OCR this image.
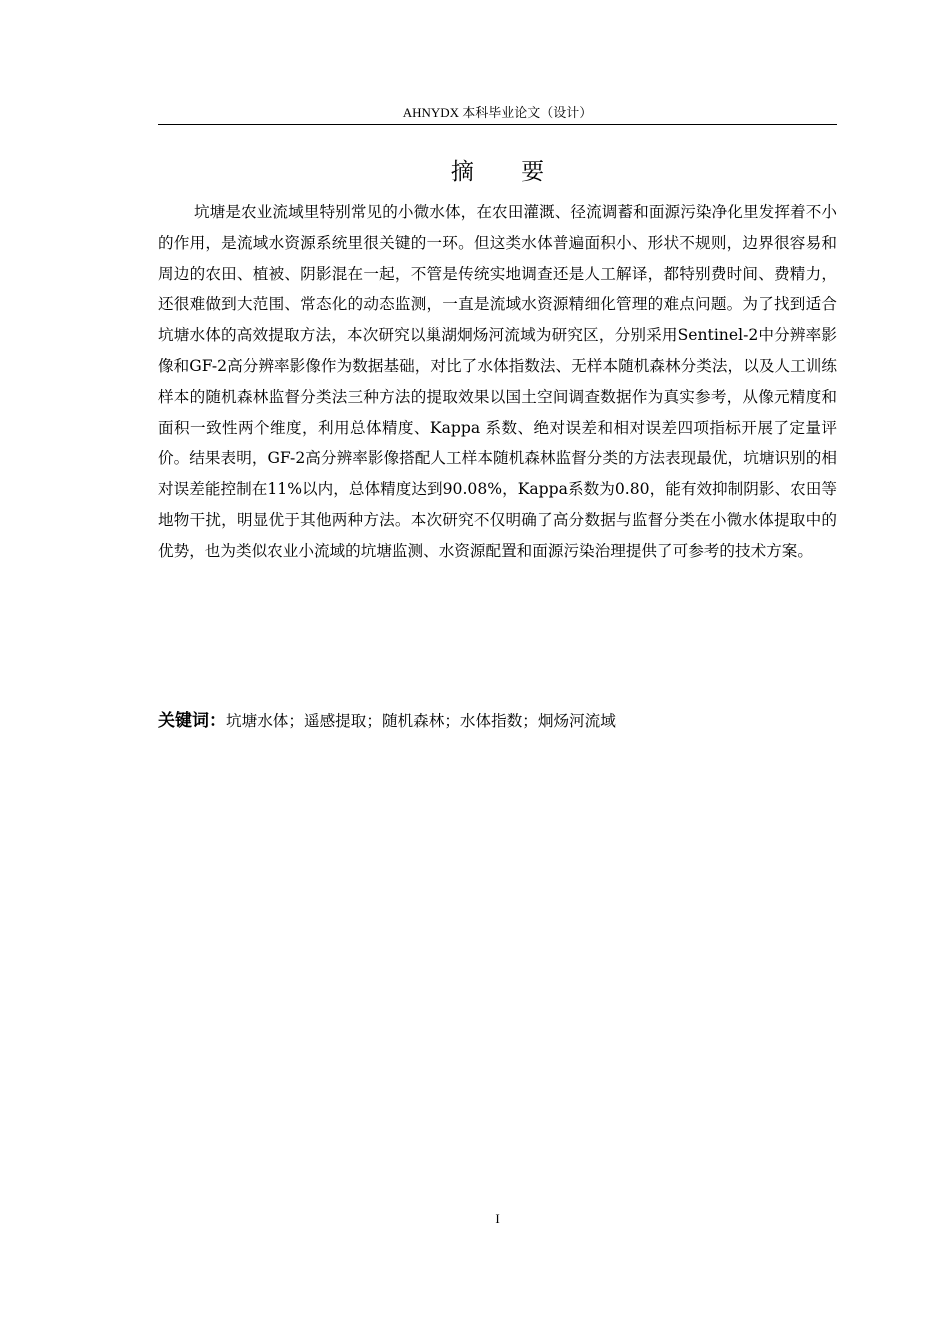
AHNYDX 本科毕业论文（设计）
摘 要

坑塘是农业流域里特别常见的小微水体，在农田灌溉、径流调蓄和面源污染净化里发挥着不小的作用，是流域水资源系统里很关键的一环。但这类水体普遍面积小、形状不规则，边界很容易和周边的农田、植被、阴影混在一起，不管是传统实地调查还是人工解译，都特别费时间、费精力，还很难做到大范围、常态化的动态监测，一直是流域水资源精细化管理的难点问题。为了找到适合坑塘水体的高效提取方法，本次研究以巢湖炯炀河流域为研究区，分别采用Sentinel-2中分辨率影像和GF-2高分辨率影像作为数据基础，对比了水体指数法、无样本随机森林分类法，以及人工训练样本的随机森林监督分类法三种方法的提取效果以国土空间调查数据作为真实参考，从像元精度和面积一致性两个维度，利用总体精度、Kappa 系数、绝对误差和相对误差四项指标开展了定量评价。结果表明，GF-2高分辨率影像搭配人工样本随机森林监督分类的方法表现最优，坑塘识别的相对误差能控制在11%以内，总体精度达到90.08%，Kappa系数为0.80，能有效抑制阴影、农田等地物干扰，明显优于其他两种方法。本次研究不仅明确了高分数据与监督分类在小微水体提取中的优势，也为类似农业小流域的坑塘监测、水资源配置和面源污染治理提供了可参考的技术方案。

关键词：坑塘水体；遥感提取；随机森林；水体指数；炯炀河流域
I
